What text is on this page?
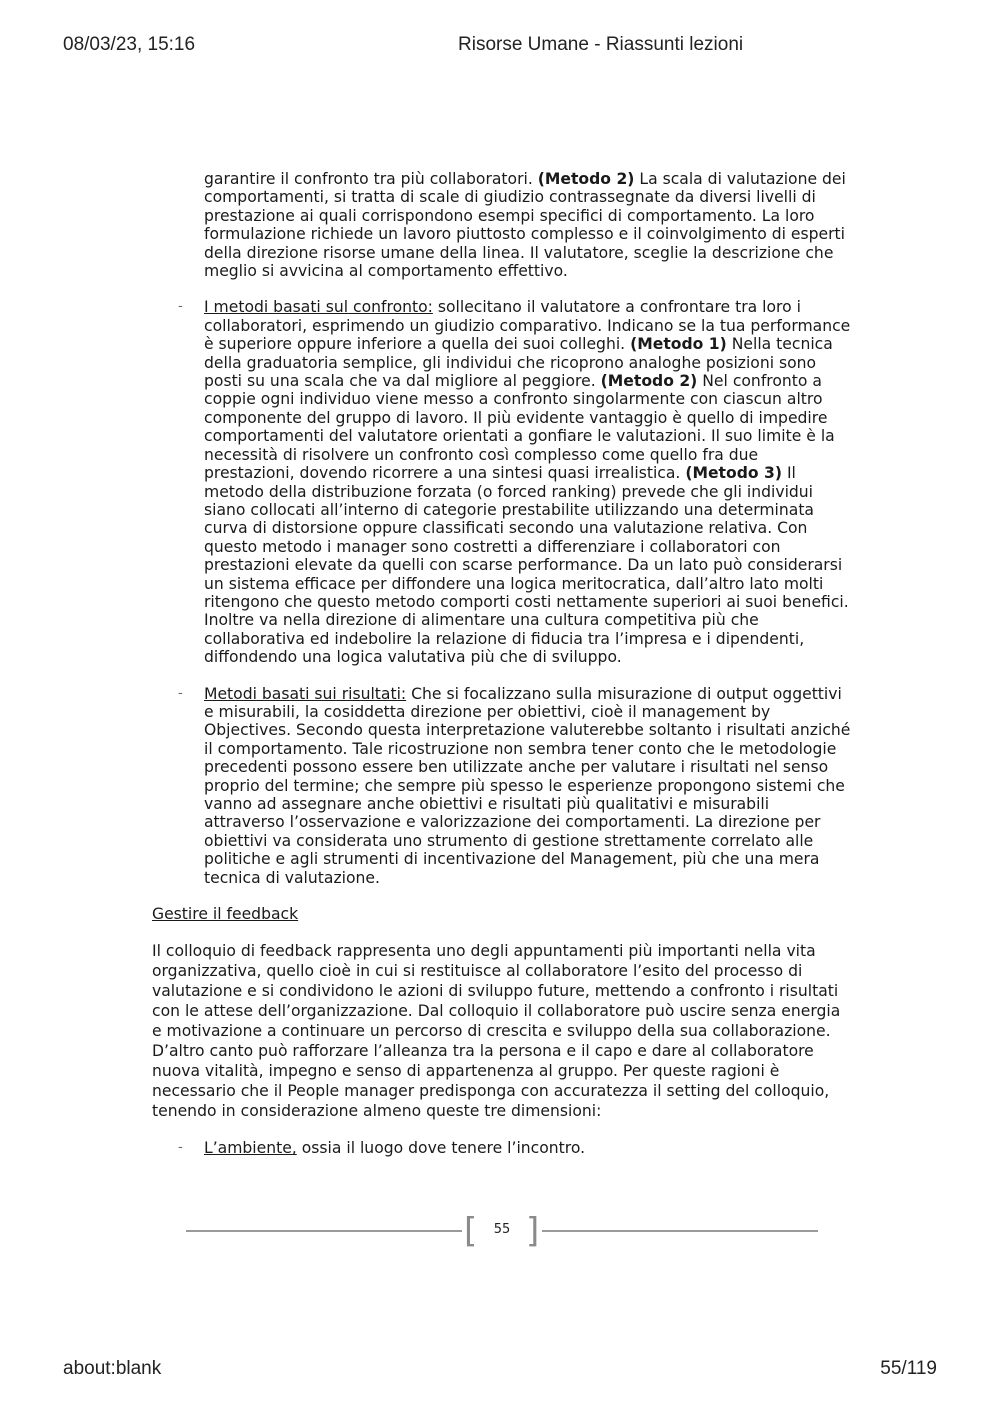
08/03/23, 15:16	Risorse Umane - Riassunti lezioni
garantire il confronto tra più collaboratori. (Metodo 2) La scala di valutazione dei comportamenti, si tratta di scale di giudizio contrassegnate da diversi livelli di prestazione ai quali corrispondono esempi specifici di comportamento. La loro formulazione richiede un lavoro piuttosto complesso e il coinvolgimento di esperti della direzione risorse umane della linea. Il valutatore, sceglie la descrizione che meglio si avvicina al comportamento effettivo.
- I metodi basati sul confronto: sollecitano il valutatore a confrontare tra loro i collaboratori, esprimendo un giudizio comparativo. Indicano se la tua performance è superiore oppure inferiore a quella dei suoi colleghi. (Metodo 1) Nella tecnica della graduatoria semplice, gli individui che ricoprono analoghe posizioni sono posti su una scala che va dal migliore al peggiore. (Metodo 2) Nel confronto a coppie ogni individuo viene messo a confronto singolarmente con ciascun altro componente del gruppo di lavoro. Il più evidente vantaggio è quello di impedire comportamenti del valutatore orientati a gonfiare le valutazioni. Il suo limite è la necessità di risolvere un confronto così complesso come quello fra due prestazioni, dovendo ricorrere a una sintesi quasi irrealistica. (Metodo 3) Il metodo della distribuzione forzata (o forced ranking) prevede che gli individui siano collocati all’interno di categorie prestabilite utilizzando una determinata curva di distorsione oppure classificati secondo una valutazione relativa. Con questo metodo i manager sono costretti a differenziare i collaboratori con prestazioni elevate da quelli con scarse performance. Da un lato può considerarsi un sistema efficace per diffondere una logica meritocratica, dall’altro lato molti ritengono che questo metodo comporti costi nettamente superiori ai suoi benefici. Inoltre va nella direzione di alimentare una cultura competitiva più che collaborativa ed indebolire la relazione di fiducia tra l’impresa e i dipendenti, diffondendo una logica valutativa più che di sviluppo.
- Metodi basati sui risultati: Che si focalizzano sulla misurazione di output oggettivi e misurabili, la cosiddetta direzione per obiettivi, cioè il management by Objectives. Secondo questa interpretazione valuterebbe soltanto i risultati anziché il comportamento. Tale ricostruzione non sembra tener conto che le metodologie precedenti possono essere ben utilizzate anche per valutare i risultati nel senso proprio del termine; che sempre più spesso le esperienze propongono sistemi che vanno ad assegnare anche obiettivi e risultati più qualitativi e misurabili attraverso l’osservazione e valorizzazione dei comportamenti. La direzione per obiettivi va considerata uno strumento di gestione strettamente correlato alle politiche e agli strumenti di incentivazione del Management, più che una mera tecnica di valutazione.
Gestire il feedback
Il colloquio di feedback rappresenta uno degli appuntamenti più importanti nella vita organizzativa, quello cioè in cui si restituisce al collaboratore l’esito del processo di valutazione e si condividono le azioni di sviluppo future, mettendo a confronto i risultati con le attese dell’organizzazione. Dal colloquio il collaboratore può uscire senza energia e motivazione a continuare un percorso di crescita e sviluppo della sua collaborazione. D’altro canto può rafforzare l’alleanza tra la persona e il capo e dare al collaboratore nuova vitalità, impegno e senso di appartenenza al gruppo. Per queste ragioni è necessario che il People manager predisponga con accuratezza il setting del colloquio, tenendo in considerazione almeno queste tre dimensioni:
- L’ambiente, ossia il luogo dove tenere l’incontro.
[	55 ]
about:blank	55/119
